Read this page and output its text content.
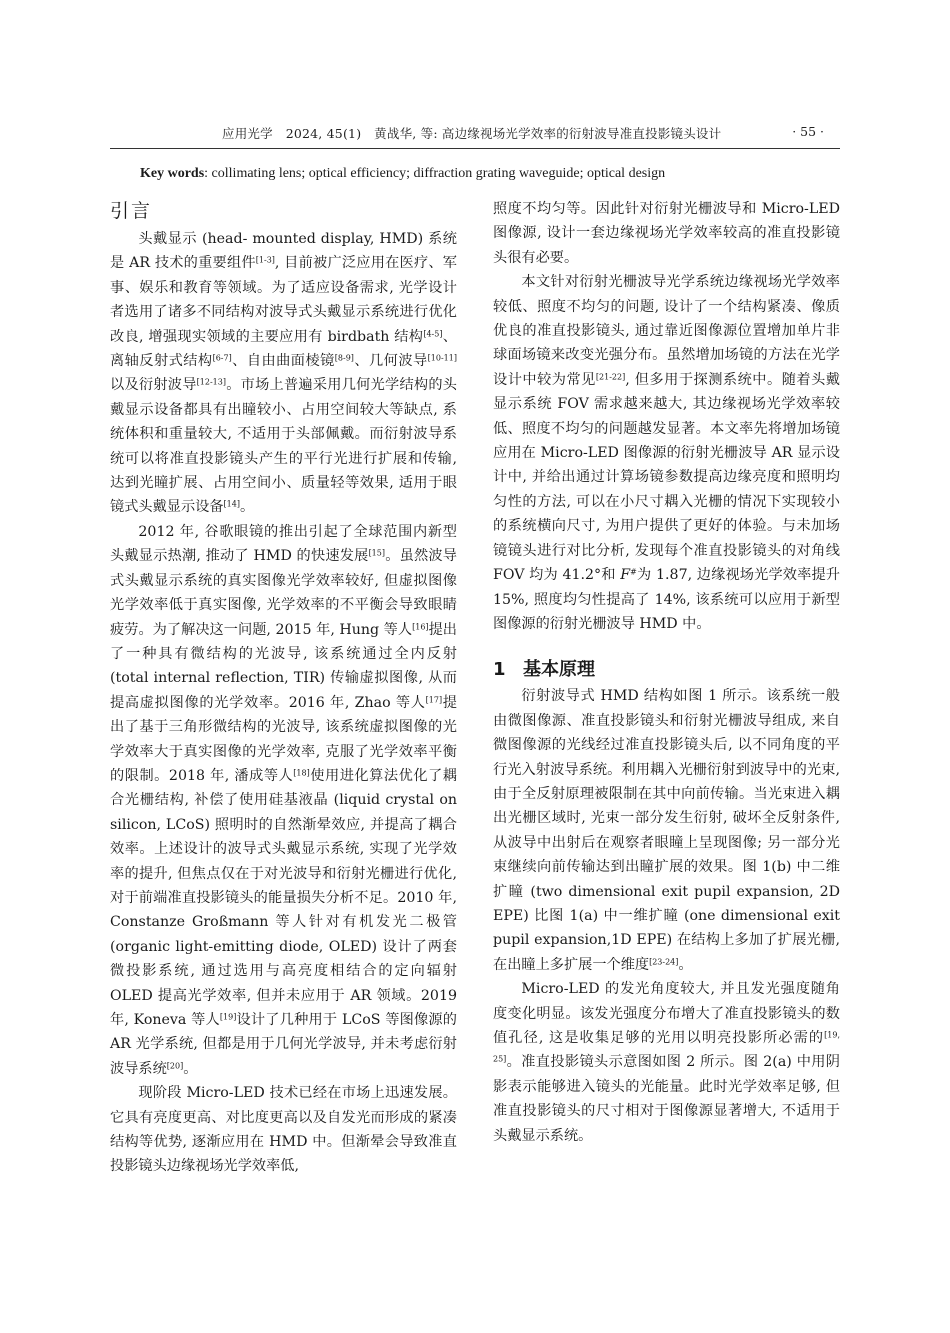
应用光学  2024, 45(1)  黄战华, 等: 高边缘视场光学效率的衍射波导准直投影镜头设计	· 55 ·
Key words: collimating lens; optical efficiency; diffraction grating waveguide; optical design
引言

头戴显示 (head- mounted display, HMD) 系统是 AR 技术的重要组件[1-3], 目前被广泛应用在医疗、军事、娱乐和教育等领域。为了适应设备需求, 光学设计者选用了诸多不同结构对波导式头戴显示系统进行优化改良, 增强现实领域的主要应用有 birdbath 结构[4-5]、离轴反射式结构[6-7]、自由曲面棱镜[8-9]、几何波导[10-11]以及衍射波导[12-13]。市场上普遍采用几何光学结构的头戴显示设备都具有出瞳较小、占用空间较大等缺点, 系统体积和重量较大, 不适用于头部佩戴。而衍射波导系统可以将准直投影镜头产生的平行光进行扩展和传输, 达到光瞳扩展、占用空间小、质量轻等效果, 适用于眼镜式头戴显示设备[14]。

2012 年, 谷歌眼镜的推出引起了全球范围内新型头戴显示热潮, 推动了 HMD 的快速发展[15]。虽然波导式头戴显示系统的真实图像光学效率较好, 但虚拟图像光学效率低于真实图像, 光学效率的不平衡会导致眼睛疲劳。为了解决这一问题, 2015 年, Hung 等人[16]提出了一种具有微结构的光波导, 该系统通过全内反射 (total internal reflection, TIR) 传输虚拟图像, 从而提高虚拟图像的光学效率。2016 年, Zhao 等人[17]提出了基于三角形微结构的光波导, 该系统虚拟图像的光学效率大于真实图像的光学效率, 克服了光学效率平衡的限制。2018 年, 潘成等人[18]使用进化算法优化了耦合光栅结构, 补偿了使用硅基液晶 (liquid crystal on silicon, LCoS) 照明时的自然渐晕效应, 并提高了耦合效率。上述设计的波导式头戴显示系统, 实现了光学效率的提升, 但焦点仅在于对光波导和衍射光栅进行优化, 对于前端准直投影镜头的能量损失分析不足。2010 年, Constanze Großmann 等人针对有机发光二极管 (organic light-emitting diode, OLED) 设计了两套微投影系统, 通过选用与高亮度相结合的定向辐射 OLED 提高光学效率, 但并未应用于 AR 领域。2019 年, Koneva 等人[19]设计了几种用于 LCoS 等图像源的 AR 光学系统, 但都是用于几何光学波导, 并未考虑衍射波导系统[20]。

现阶段 Micro-LED 技术已经在市场上迅速发展。它具有亮度更高、对比度更高以及自发光而形成的紧凑结构等优势, 逐渐应用在 HMD 中。但渐晕会导致准直投影镜头边缘视场光学效率低,

照度不均匀等。因此针对衍射光栅波导和 Micro-LED 图像源, 设计一套边缘视场光学效率较高的准直投影镜头很有必要。

本文针对衍射光栅波导光学系统边缘视场光学效率较低、照度不均匀的问题, 设计了一个结构紧凑、像质优良的准直投影镜头, 通过靠近图像源位置增加单片非球面场镜来改变光强分布。虽然增加场镜的方法在光学设计中较为常见[21-22], 但多用于探测系统中。随着头戴显示系统 FOV 需求越来越大, 其边缘视场光学效率较低、照度不均匀的问题越发显著。本文率先将增加场镜应用在 Micro-LED 图像源的衍射光栅波导 AR 显示设计中, 并给出通过计算场镜参数提高边缘亮度和照明均匀性的方法, 可以在小尺寸耦入光栅的情况下实现较小的系统横向尺寸, 为用户提供了更好的体验。与未加场镜镜头进行对比分析, 发现每个准直投影镜头的对角线 FOV 均为 41.2°和 F#为 1.87, 边缘视场光学效率提升 15%, 照度均匀性提高了 14%, 该系统可以应用于新型图像源的衍射光栅波导 HMD 中。

1 基本原理

衍射波导式 HMD 结构如图 1 所示。该系统一般由微图像源、准直投影镜头和衍射光栅波导组成, 来自微图像源的光线经过准直投影镜头后, 以不同角度的平行光入射波导系统。利用耦入光栅衍射到波导中的光束, 由于全反射原理被限制在其中向前传输。当光束进入耦出光栅区域时, 光束一部分发生衍射, 破坏全反射条件, 从波导中出射后在观察者眼瞳上呈现图像; 另一部分光束继续向前传输达到出瞳扩展的效果。图 1(b) 中二维扩瞳 (two dimensional exit pupil expansion, 2D EPE) 比图 1(a) 中一维扩瞳 (one dimensional exit pupil expansion,1D EPE) 在结构上多加了扩展光栅, 在出瞳上多扩展一个维度[23-24]。

Micro-LED 的发光角度较大, 并且发光强度随角度变化明显。该发光强度分布增大了准直投影镜头的数值孔径, 这是收集足够的光用以明亮投影所必需的[19, 25]。准直投影镜头示意图如图 2 所示。图 2(a) 中用阴影表示能够进入镜头的光能量。此时光学效率足够, 但准直投影镜头的尺寸相对于图像源显著增大, 不适用于头戴显示系统。
